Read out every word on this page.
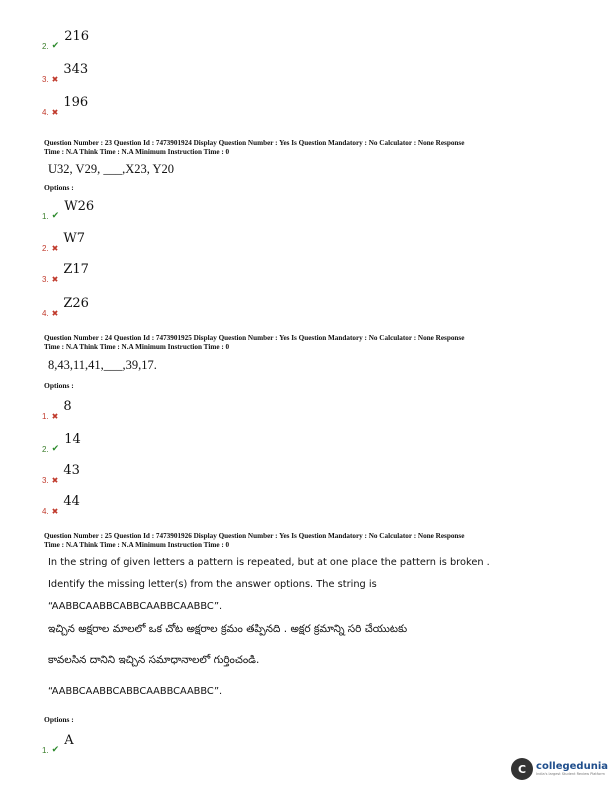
2. ✔
216
3. ✖
343
4. ✖
196
Question Number : 23 Question Id : 7473901924 Display Question Number : Yes Is Question Mandatory : No Calculator : None Response
Time : N.A Think Time : N.A Minimum Instruction Time : 0
U32, V29, ___,X23, Y20
Options :
1. ✔
W26
2. ✖
W7
3. ✖
Z17
4. ✖
Z26
Question Number : 24 Question Id : 7473901925 Display Question Number : Yes Is Question Mandatory : No Calculator : None Response
Time : N.A Think Time : N.A Minimum Instruction Time : 0
8,43,11,41,___,39,17.
Options :
1. ✖
8
2. ✔
14
3. ✖
43
4. ✖
44
Question Number : 25 Question Id : 7473901926 Display Question Number : Yes Is Question Mandatory : No Calculator : None Response
Time : N.A Think Time : N.A Minimum Instruction Time : 0
In the string of given letters a pattern is repeated, but at one place the pattern is broken .
Identify the missing letter(s) from the answer options. The string is
“AABBCAABBCABBCAABBCAABBC”.
ఇచ్చిన అక్షరాల మాలలో ఒక చోట అక్షరాల క్రమం తప్పినది . అక్షర క్రమాన్ని సరి చేయుటకు
కావలసిన దానిని ఇచ్చిన సమాధానాలలో గుర్తించండి.
“AABBCAABBCABBCAABBCAABBC”.
Options :
1. ✔
A
C collegedunia
India's largest Student Review Platform
